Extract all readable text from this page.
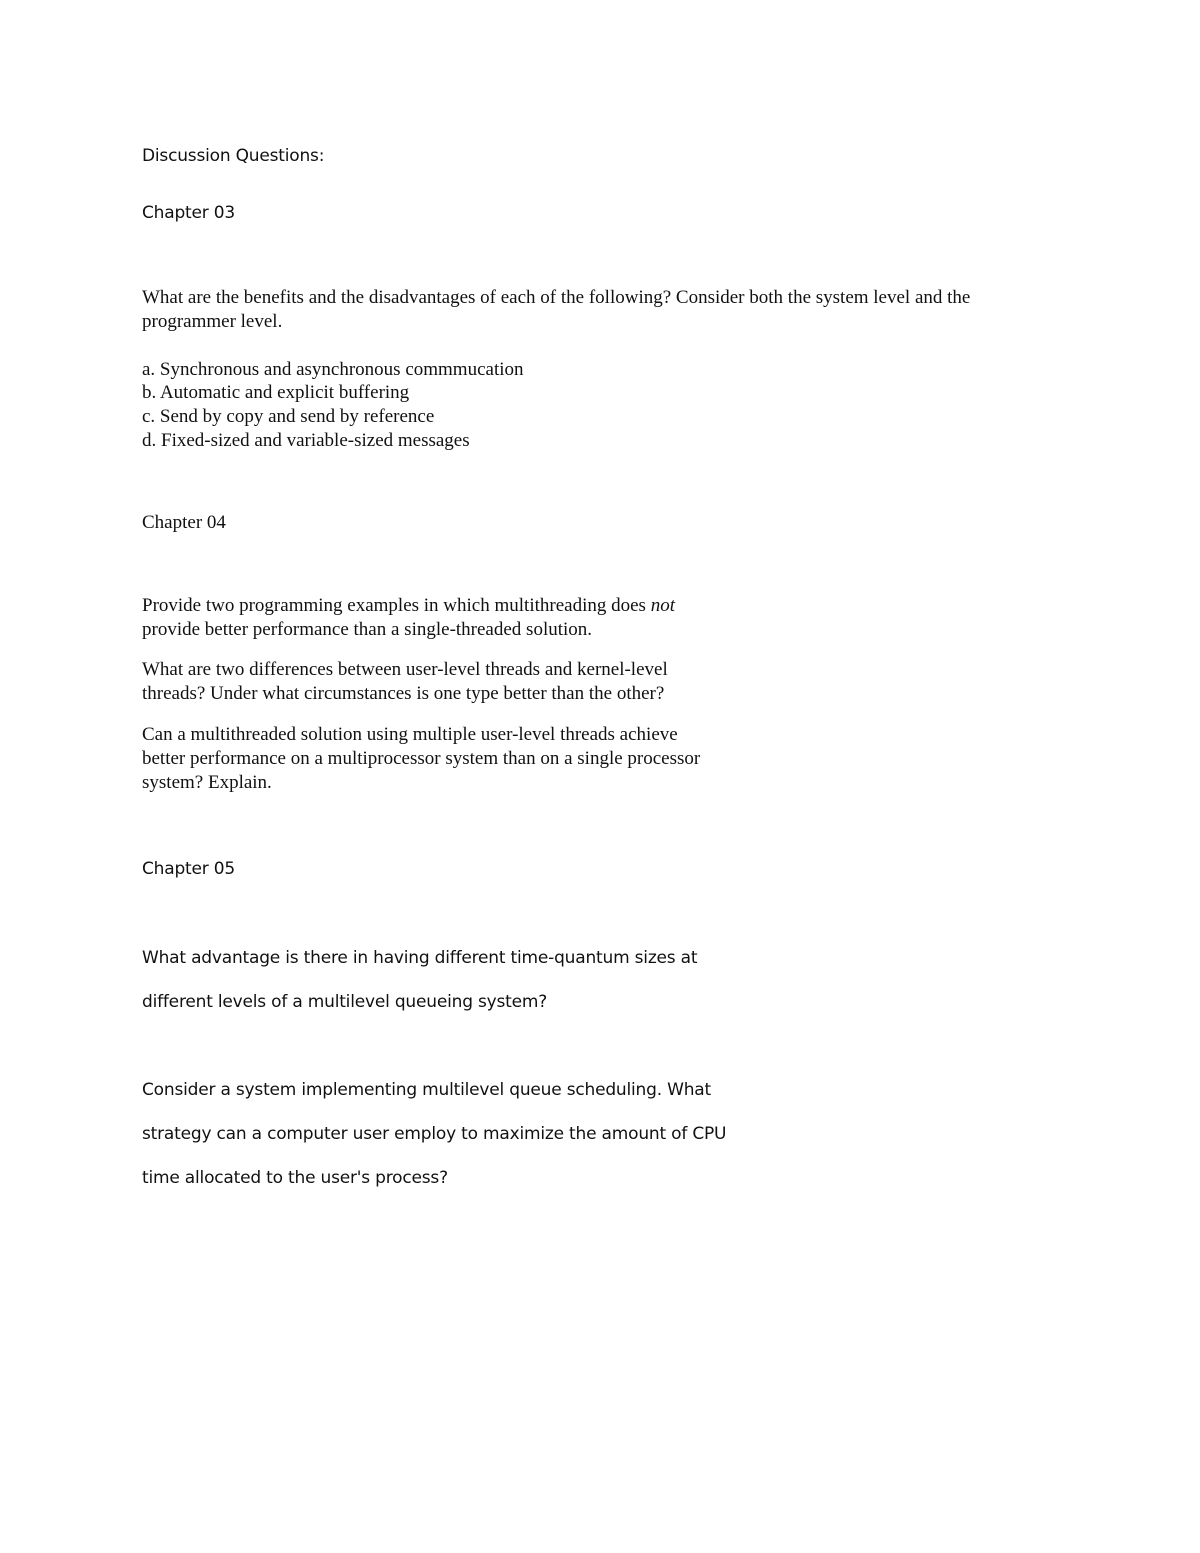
Discussion Questions:

Chapter 03

What are the benefits and the disadvantages of each of the following? Consider both the system level and the

programmer level.

a. Synchronous and asynchronous commmucation

b. Automatic and explicit buffering

c. Send by copy and send by reference

d. Fixed-sized and variable-sized messages

Chapter 04

Provide two programming examples in which multithreading does not

provide better performance than a single-threaded solution.

What are two differences between user-level threads and kernel-level

threads? Under what circumstances is one type better than the other?

Can a multithreaded solution using multiple user-level threads achieve

better performance on a multiprocessor system than on a single processor

system? Explain.

Chapter 05

What advantage is there in having different time-quantum sizes at

different levels of a multilevel queueing system?

Consider a system implementing multilevel queue scheduling. What

strategy can a computer user employ to maximize the amount of CPU

time allocated to the user's process?
